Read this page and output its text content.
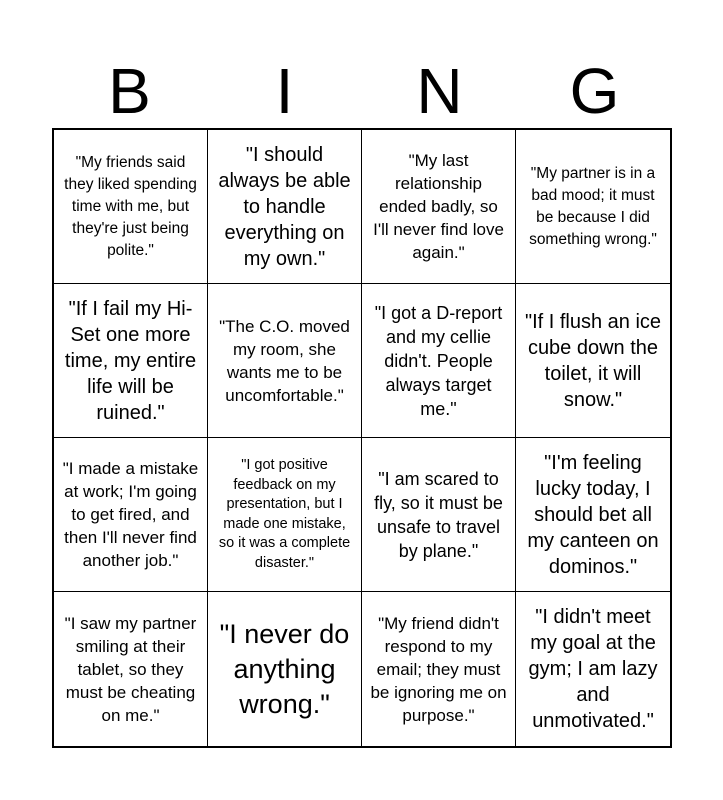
B	I	N	G
"My friends said they liked spending time with me, but they're just being polite."
"I should always be able to handle everything on my own."
"My last relationship ended badly, so I'll never find love again."
"My partner is in a bad mood; it must be because I did something wrong."
"If I fail my Hi-Set one more time, my entire life will be ruined."
"The C.O. moved my room, she wants me to be uncomfortable."
"I got a D-report and my cellie didn't. People always target me."
"If I flush an ice cube down the toilet, it will snow."
"I made a mistake at work; I'm going to get fired, and then I'll never find another job."
"I got positive feedback on my presentation, but I made one mistake, so it was a complete disaster."
"I am scared to fly, so it must be unsafe to travel by plane."
"I'm feeling lucky today, I should bet all my canteen on dominos."
"I saw my partner smiling at their tablet, so they must be cheating on me."
"I never do anything wrong."
"My friend didn't respond to my email; they must be ignoring me on purpose."
"I didn't meet my goal at the gym; I am lazy and unmotivated."
